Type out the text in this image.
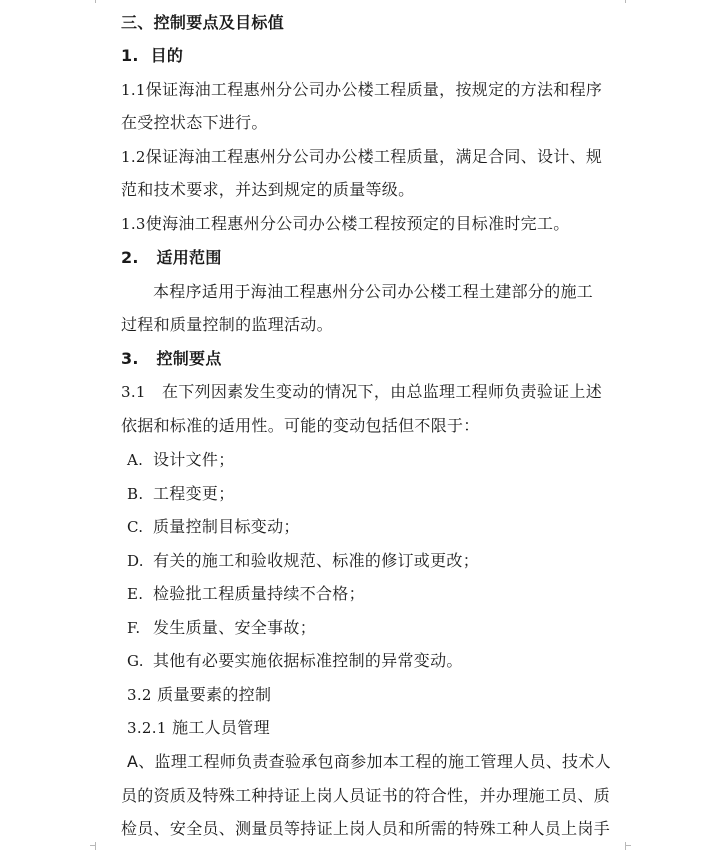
三、控制要点及目标值
1. 目的
1.1保证海油工程惠州分公司办公楼工程质量，按规定的方法和程序
在受控状态下进行。
1.2保证海油工程惠州分公司办公楼工程质量，满足合同、设计、规
范和技术要求，并达到规定的质量等级。
1.3使海油工程惠州分公司办公楼工程按预定的目标准时完工。
2. 适用范围
本程序适用于海油工程惠州分公司办公楼工程土建部分的施工
过程和质量控制的监理活动。
3. 控制要点
3.1 在下列因素发生变动的情况下，由总监理工程师负责验证上述
依据和标准的适用性。可能的变动包括但不限于：
A. 设计文件；
B. 工程变更；
C. 质量控制目标变动；
D. 有关的施工和验收规范、标准的修订或更改；
E. 检验批工程质量持续不合格；
F. 发生质量、安全事故；
G. 其他有必要实施依据标准控制的异常变动。
3.2 质量要素的控制
3.2.1 施工人员管理
A、监理工程师负责查验承包商参加本工程的施工管理人员、技术人
员的资质及特殊工种持证上岗人员证书的符合性，并办理施工员、质
检员、安全员、测量员等持证上岗人员和所需的特殊工种人员上岗手
